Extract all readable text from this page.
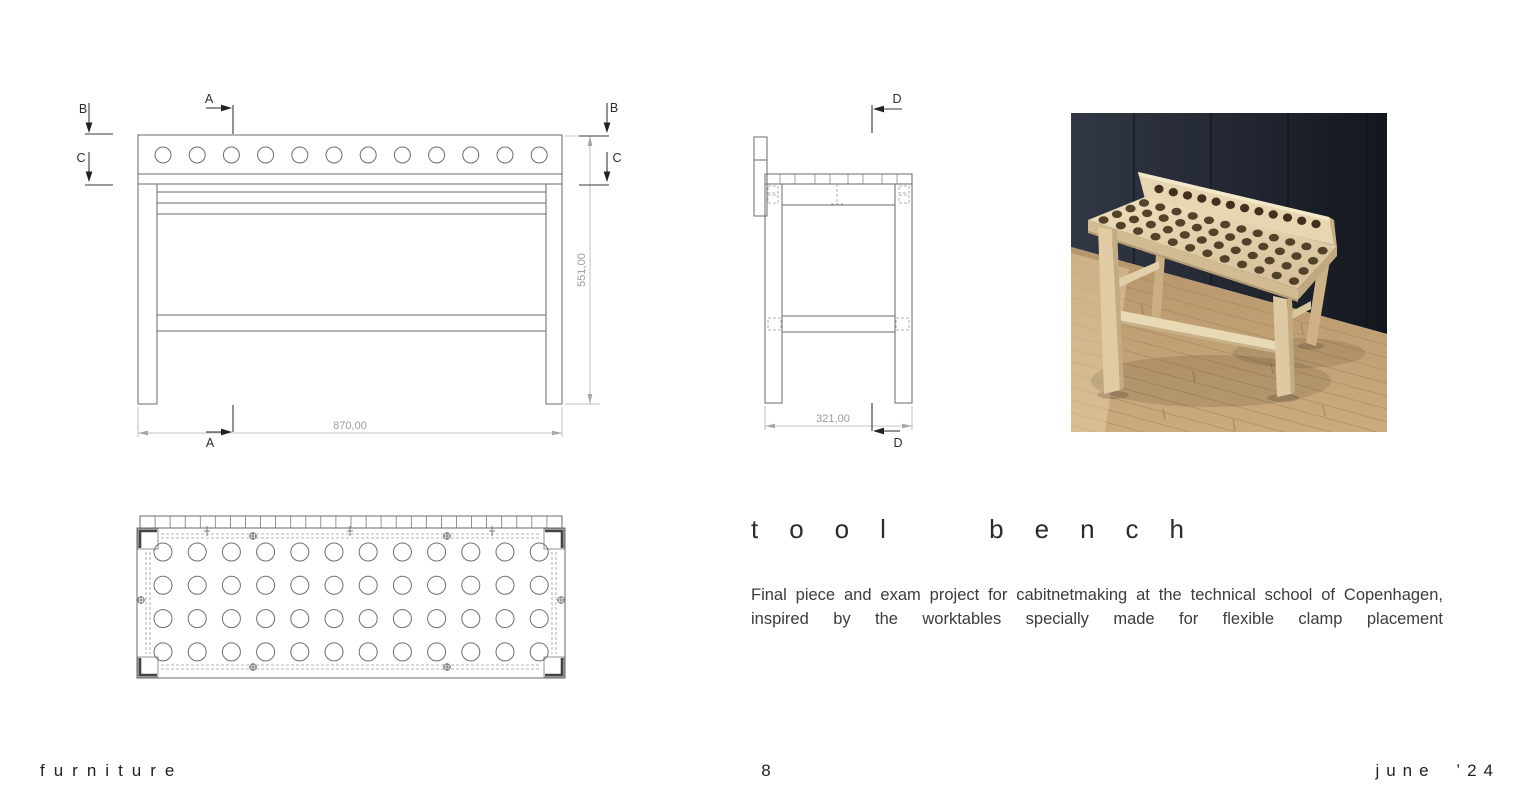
870,00
551,00
A
A
B
C
B
C
321,00
D
D
tool bench
Final piece and exam project for cabitnetmaking at the technical school of Copenhagen, inspired by the worktables specially made for flexible clamp placement
furniture	8	june ’24
